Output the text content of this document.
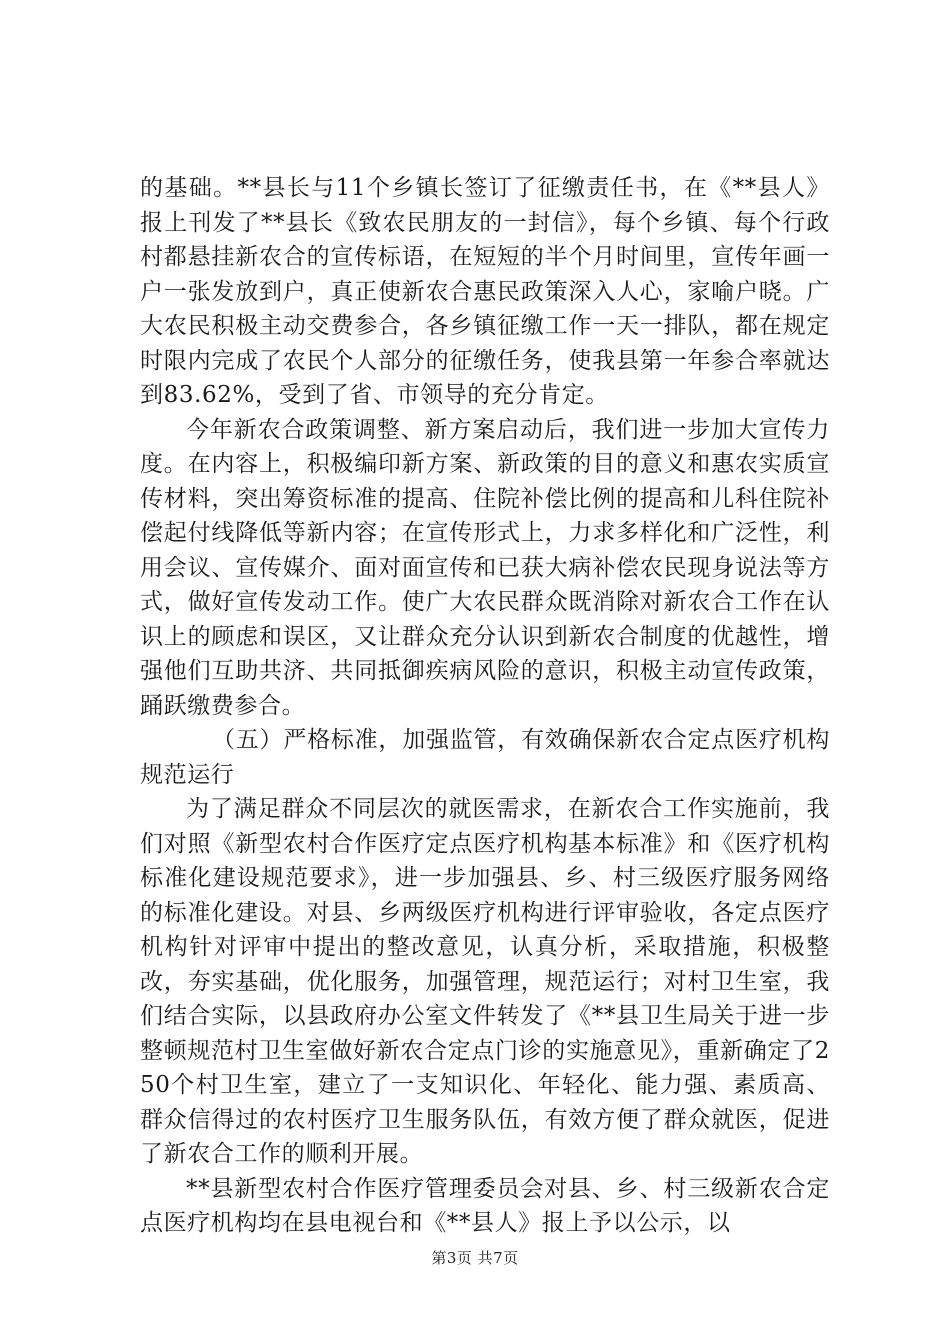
的基础。**县长与11个乡镇长签订了征缴责任书，在《**县人》报上刊发了**县长《致农民朋友的一封信》，每个乡镇、每个行政村都悬挂新农合的宣传标语，在短短的半个月时间里，宣传年画一户一张发放到户，真正使新农合惠民政策深入人心，家喻户晓。广大农民积极主动交费参合，各乡镇征缴工作一天一排队，都在规定时限内完成了农民个人部分的征缴任务，使我县第一年参合率就达到83.62%，受到了省、市领导的充分肯定。

今年新农合政策调整、新方案启动后，我们进一步加大宣传力度。在内容上，积极编印新方案、新政策的目的意义和惠农实质宣传材料，突出筹资标准的提高、住院补偿比例的提高和儿科住院补偿起付线降低等新内容；在宣传形式上，力求多样化和广泛性，利用会议、宣传媒介、面对面宣传和已获大病补偿农民现身说法等方式，做好宣传发动工作。使广大农民群众既消除对新农合工作在认识上的顾虑和误区，又让群众充分认识到新农合制度的优越性，增强他们互助共济、共同抵御疾病风险的意识，积极主动宣传政策，踊跃缴费参合。

（五）严格标准，加强监管，有效确保新农合定点医疗机构规范运行

为了满足群众不同层次的就医需求，在新农合工作实施前，我们对照《新型农村合作医疗定点医疗机构基本标准》和《医疗机构标准化建设规范要求》，进一步加强县、乡、村三级医疗服务网络的标准化建设。对县、乡两级医疗机构进行评审验收，各定点医疗机构针对评审中提出的整改意见，认真分析，采取措施，积极整改，夯实基础，优化服务，加强管理，规范运行；对村卫生室，我们结合实际，以县政府办公室文件转发了《**县卫生局关于进一步整顿规范村卫生室做好新农合定点门诊的实施意见》，重新确定了250个村卫生室，建立了一支知识化、年轻化、能力强、素质高、群众信得过的农村医疗卫生服务队伍，有效方便了群众就医，促进了新农合工作的顺利开展。

**县新型农村合作医疗管理委员会对县、乡、村三级新农合定点医疗机构均在县电视台和《**县人》报上予以公示，以

第3页 共7页
